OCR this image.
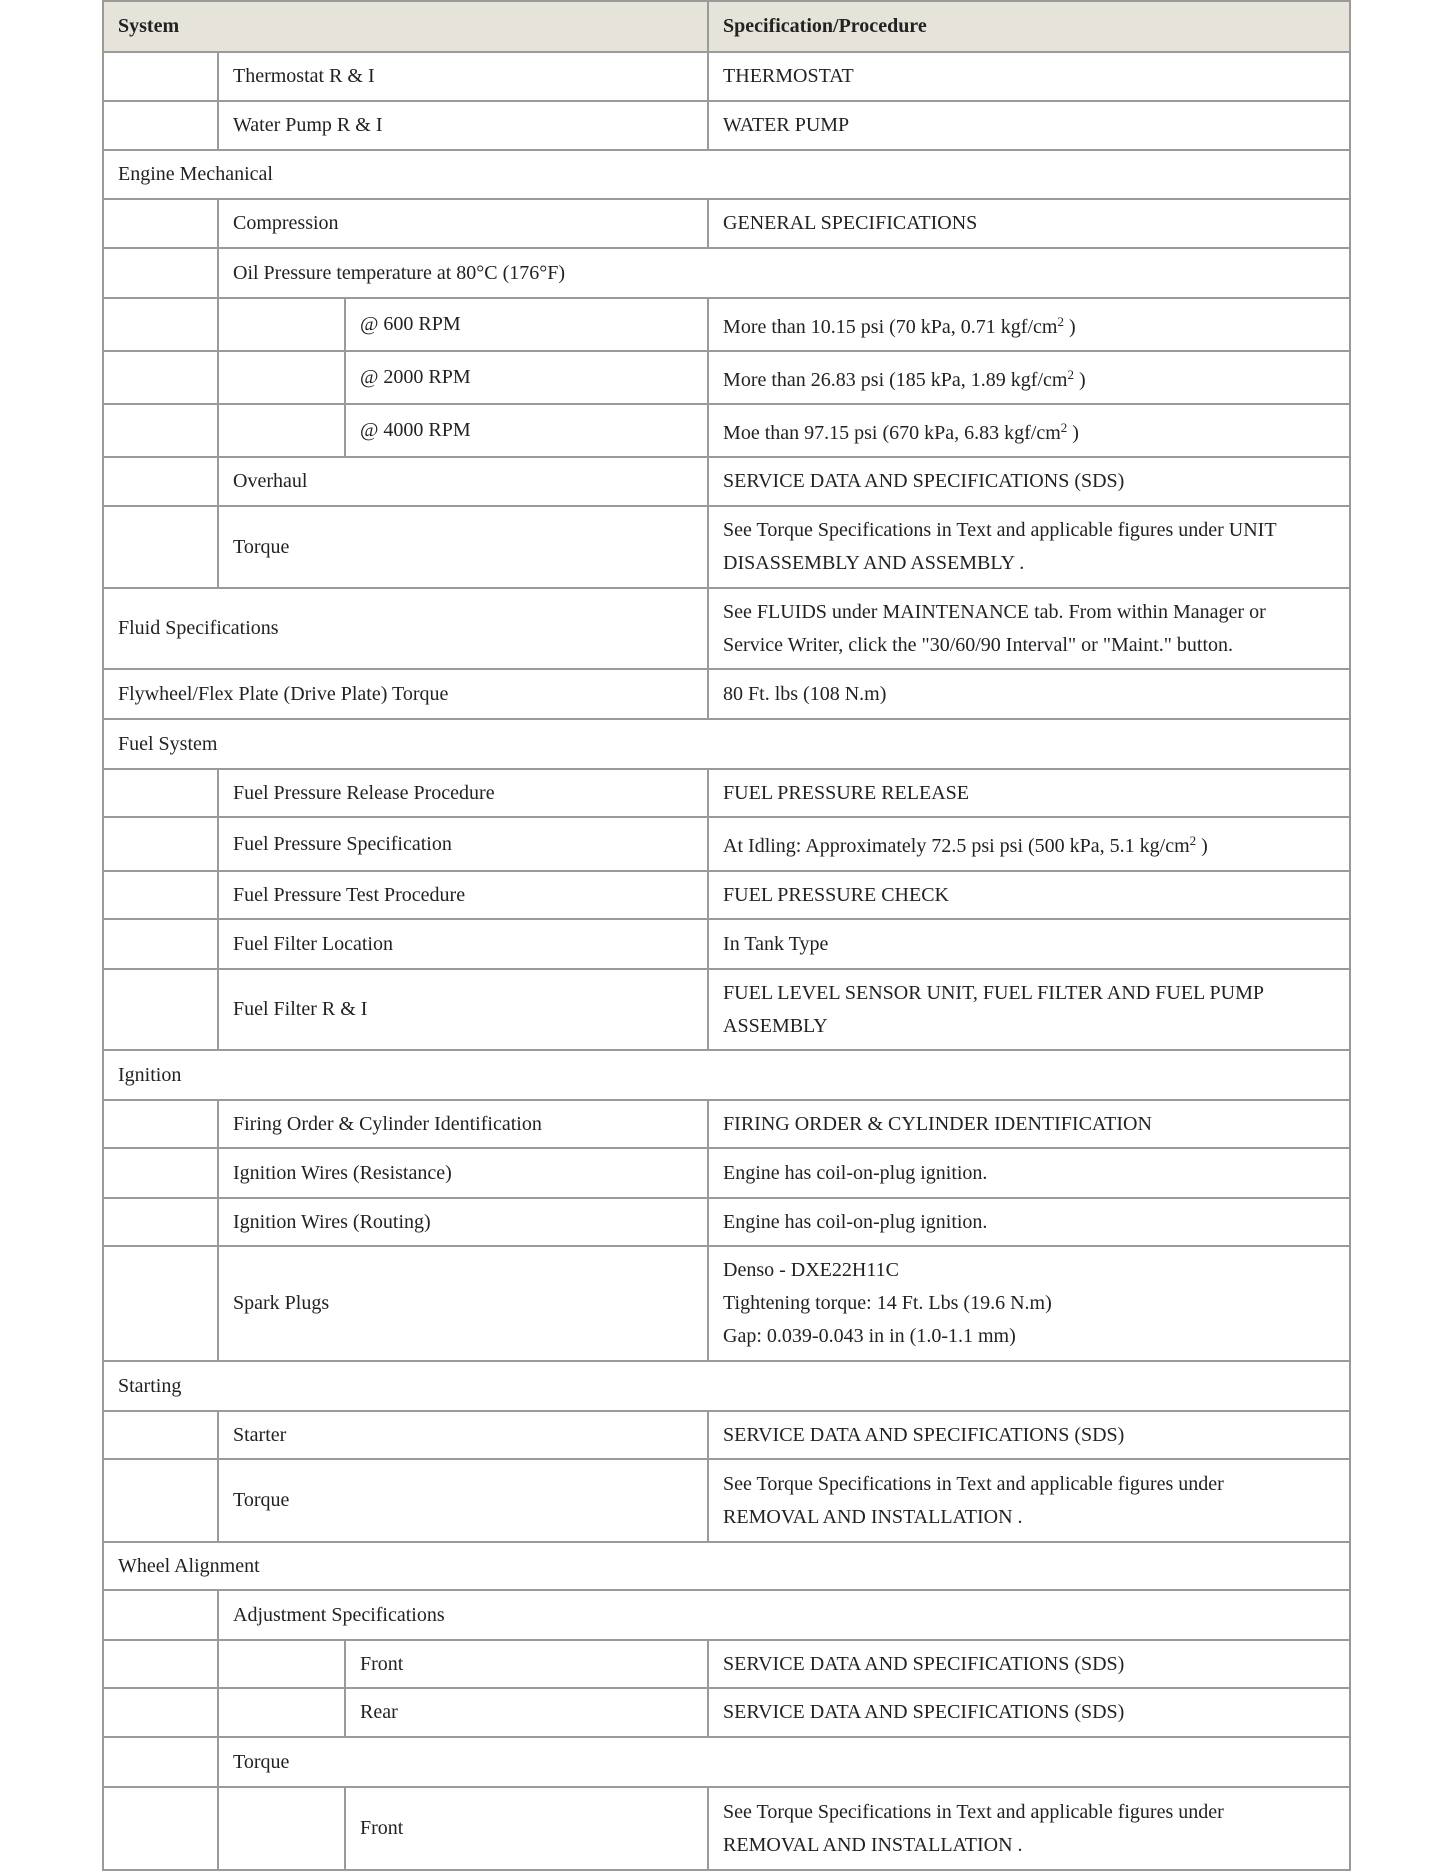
System			Specification/Procedure
	Thermostat R & I		THERMOSTAT
	Water Pump R & I		WATER PUMP
Engine Mechanical			
	Compression		GENERAL SPECIFICATIONS
	Oil Pressure temperature at 80°C (176°F)		
		@ 600 RPM	More than 10.15 psi (70 kPa, 0.71 kgf/$cm^2$ )
		@ 2000 RPM	More than 26.83 psi (185 kPa, 1.89 kgf/$cm^2$ )
		@ 4000 RPM	Moe than 97.15 psi (670 kPa, 6.83 kgf/$cm^2$ )
	Overhaul		SERVICE DATA AND SPECIFICATIONS (SDS)
	Torque		See Torque Specifications in Text and applicable figures under UNIT
DISASSEMBLY AND ASSEMBLY .

Fluid Specifications			See FLUIDS under MAINTENANCE tab. From within Manager or
Service Writer, click the "30/60/90 Interval" or "Maint." button.

Flywheel/Flex Plate (Drive Plate) Torque			80 Ft. lbs (108 N.m)
Fuel System			
	Fuel Pressure Release Procedure		FUEL PRESSURE RELEASE
	Fuel Pressure Specification		At Idling: Approximately 72.5 psi psi (500 kPa, 5.1 $kg/cm^2$ )
	Fuel Pressure Test Procedure		FUEL PRESSURE CHECK
	Fuel Filter Location		In Tank Type
	Fuel Filter R & I		FUEL LEVEL SENSOR UNIT, FUEL FILTER AND FUEL PUMP
ASSEMBLY

Ignition			
	Firing Order & Cylinder Identification		FIRING ORDER & CYLINDER IDENTIFICATION
	Ignition Wires (Resistance)		Engine has coil-on-plug ignition.
	Ignition Wires (Routing)		Engine has coil-on-plug ignition.
	Spark Plugs		Denso - DXE22H11C
Tightening torque: 14 Ft. Lbs (19.6 N.m)
Gap: 0.039-0.043 in in (1.0-1.1 mm)

Starting			
	Starter		SERVICE DATA AND SPECIFICATIONS (SDS)
	Torque		See Torque Specifications in Text and applicable figures under
REMOVAL AND INSTALLATION .

Wheel Alignment			
	Adjustment Specifications		
		Front	SERVICE DATA AND SPECIFICATIONS (SDS)
		Rear	SERVICE DATA AND SPECIFICATIONS (SDS)
	Torque		
		Front	See Torque Specifications in Text and applicable figures under
REMOVAL AND INSTALLATION .
